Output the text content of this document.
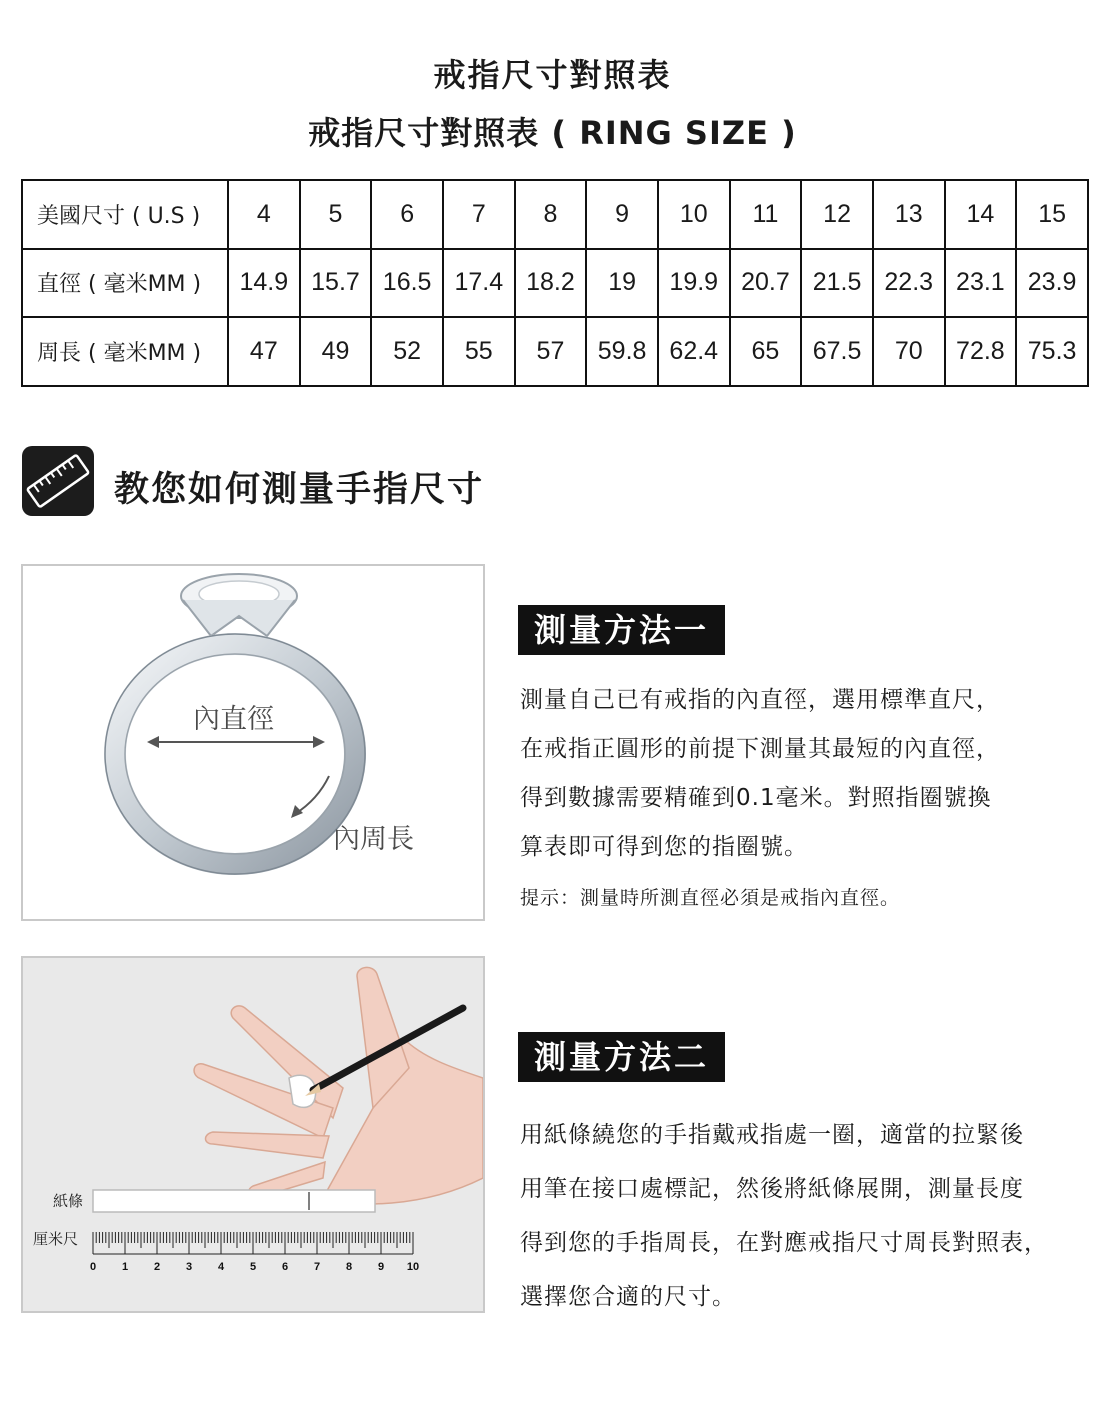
戒指尺寸對照表
戒指尺寸對照表 ( RING SIZE )
美國尺寸 ( U.S )	4	5	6	7	8	9	10	11	12	13	14	15
直徑 ( 毫米MM )	14.9	15.7	16.5	17.4	18.2	19	19.9	20.7	21.5	22.3	23.1	23.9
周長 ( 毫米MM )	47	49	52	55	57	59.8	62.4	65	67.5	70	72.8	75.3
教您如何測量手指尺寸
內直徑
內周長
測量方法一
測量自己已有戒指的內直徑，選用標準直尺，
在戒指正圓形的前提下測量其最短的內直徑，
得到數據需要精確到0.1毫米。對照指圈號換
算表即可得到您的指圈號。
提示：測量時所測直徑必須是戒指內直徑。
紙條
厘米尺
0 1 2 3 4 5 6 7 8 9 10
測量方法二
用紙條繞您的手指戴戒指處一圈，適當的拉緊後
用筆在接口處標記，然後將紙條展開，測量長度
得到您的手指周長，在對應戒指尺寸周長對照表，
選擇您合適的尺寸。
